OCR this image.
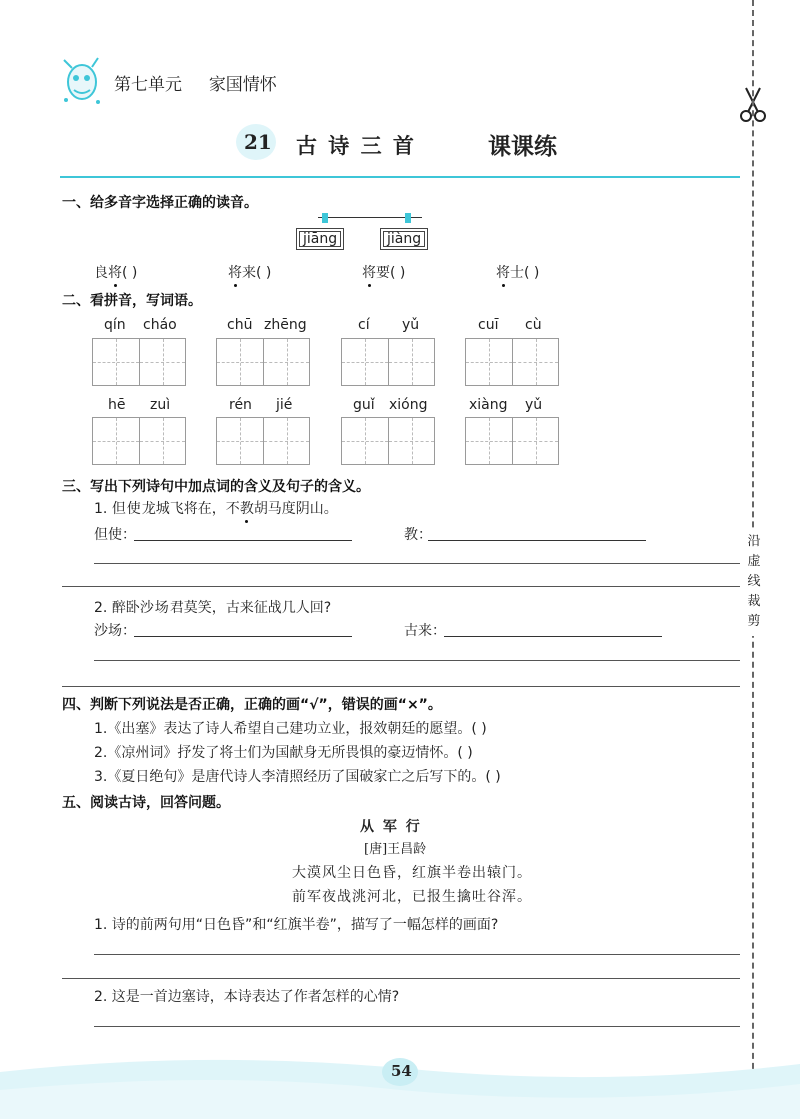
第七单元 家国情怀
21 古 诗 三 首	课课练
一、给多音字选择正确的读音。
jiāng	jiàng
良将( )	将来( )	将要( )	将士( )
二、看拼音，写词语。
qín cháo	chū zhēng	cí yǔ	cuī cù
hē zuì	rén jié	guǐ xióng	xiàng yǔ
三、写出下列诗句中加点词的含义及句子的含义。
1. 但使龙城飞将在，不教胡马度阴山。
但使：	教：
2. 醉卧沙场君莫笑，古来征战几人回?
沙场：	古来：
四、判断下列说法是否正确，正确的画“√”，错误的画“×”。
1.《出塞》表达了诗人希望自己建功立业，报效朝廷的愿望。( )
2.《凉州词》抒发了将士们为国献身无所畏惧的豪迈情怀。( )
3.《夏日绝句》是唐代诗人李清照经历了国破家亡之后写下的。( )
五、阅读古诗，回答问题。
从 军 行
[唐]王昌龄
大漠风尘日色昏，红旗半卷出辕门。
前军夜战洮河北，已报生擒吐谷浑。
1. 诗的前两句用“日色昏”和“红旗半卷”，描写了一幅怎样的画面?
2. 这是一首边塞诗，本诗表达了作者怎样的心情?
沿
虚
线
裁
剪
54
